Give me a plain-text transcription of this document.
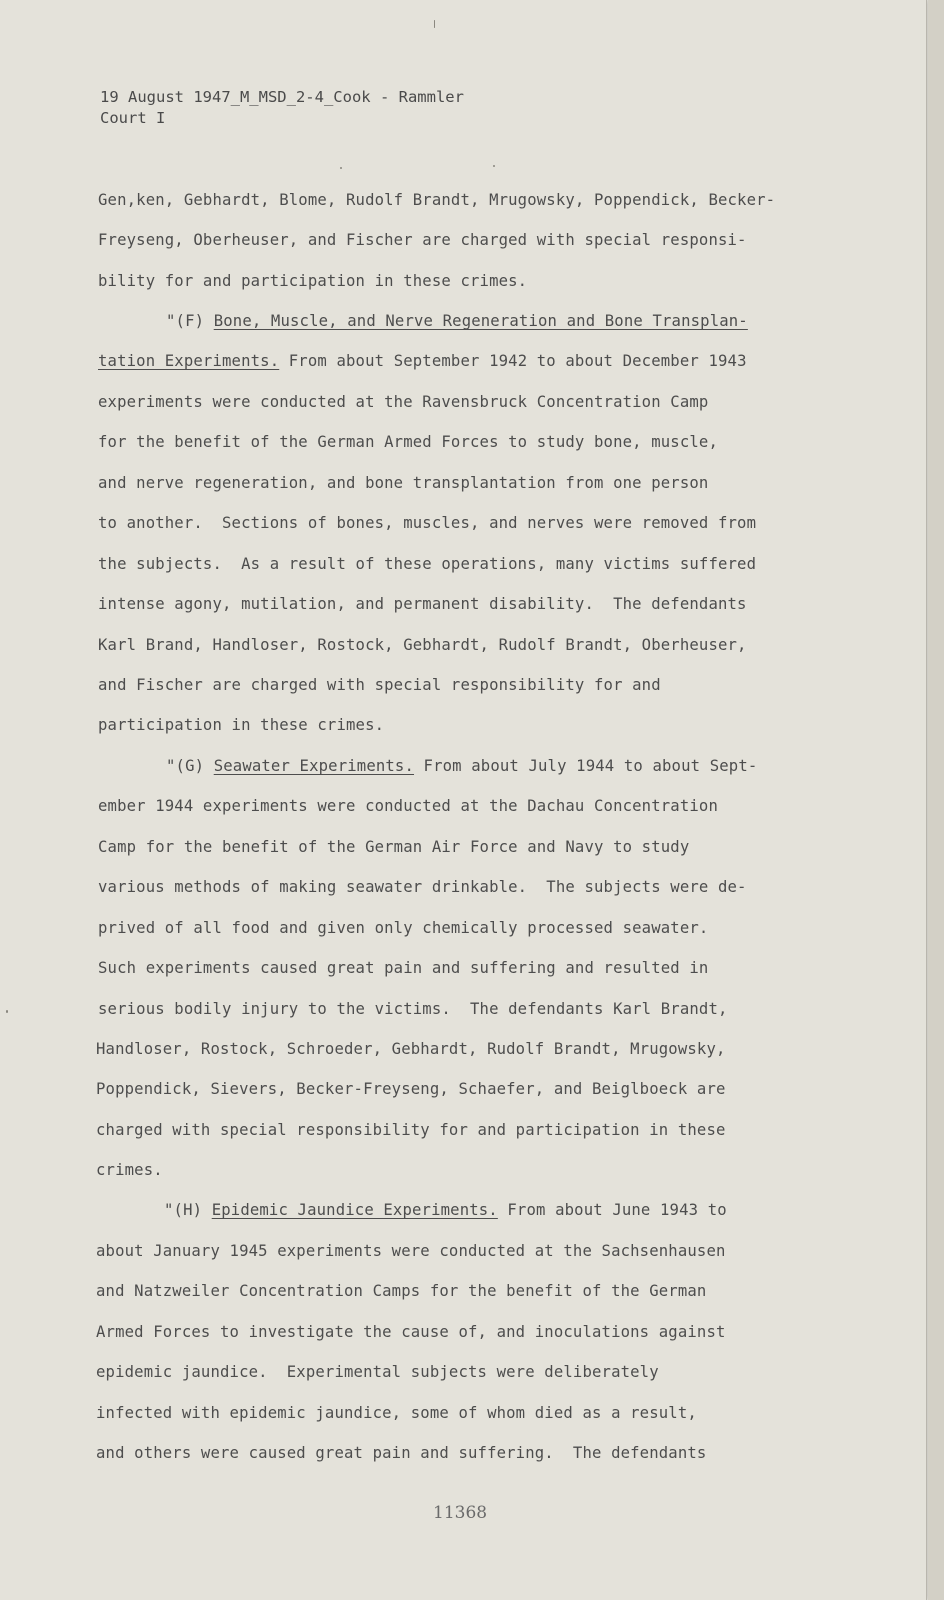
19 August 1947_M_MSD_2-4_Cook - Rammler
Court I
Gen,ken, Gebhardt, Blome, Rudolf Brandt, Mrugowsky, Poppendick, Becker-
Freyseng, Oberheuser, and Fischer are charged with special responsi-
bility for and participation in these crimes.
"(F) Bone, Muscle, and Nerve Regeneration and Bone Transplan-
tation Experiments. From about September 1942 to about December 1943
experiments were conducted at the Ravensbruck Concentration Camp
for the benefit of the German Armed Forces to study bone, muscle,
and nerve regeneration, and bone transplantation from one person
to another.  Sections of bones, muscles, and nerves were removed from
the subjects.  As a result of these operations, many victims suffered
intense agony, mutilation, and permanent disability.  The defendants
Karl Brand, Handloser, Rostock, Gebhardt, Rudolf Brandt, Oberheuser,
and Fischer are charged with special responsibility for and
participation in these crimes.
"(G) Seawater Experiments. From about July 1944 to about Sept-
ember 1944 experiments were conducted at the Dachau Concentration
Camp for the benefit of the German Air Force and Navy to study
various methods of making seawater drinkable.  The subjects were de-
prived of all food and given only chemically processed seawater.
Such experiments caused great pain and suffering and resulted in
serious bodily injury to the victims.  The defendants Karl Brandt,
Handloser, Rostock, Schroeder, Gebhardt, Rudolf Brandt, Mrugowsky,
Poppendick, Sievers, Becker-Freyseng, Schaefer, and Beiglboeck are
charged with special responsibility for and participation in these
crimes.
"(H) Epidemic Jaundice Experiments. From about June 1943 to
about January 1945 experiments were conducted at the Sachsenhausen
and Natzweiler Concentration Camps for the benefit of the German
Armed Forces to investigate the cause of, and inoculations against
epidemic jaundice.  Experimental subjects were deliberately
infected with epidemic jaundice, some of whom died as a result,
and others were caused great pain and suffering.  The defendants
11368
